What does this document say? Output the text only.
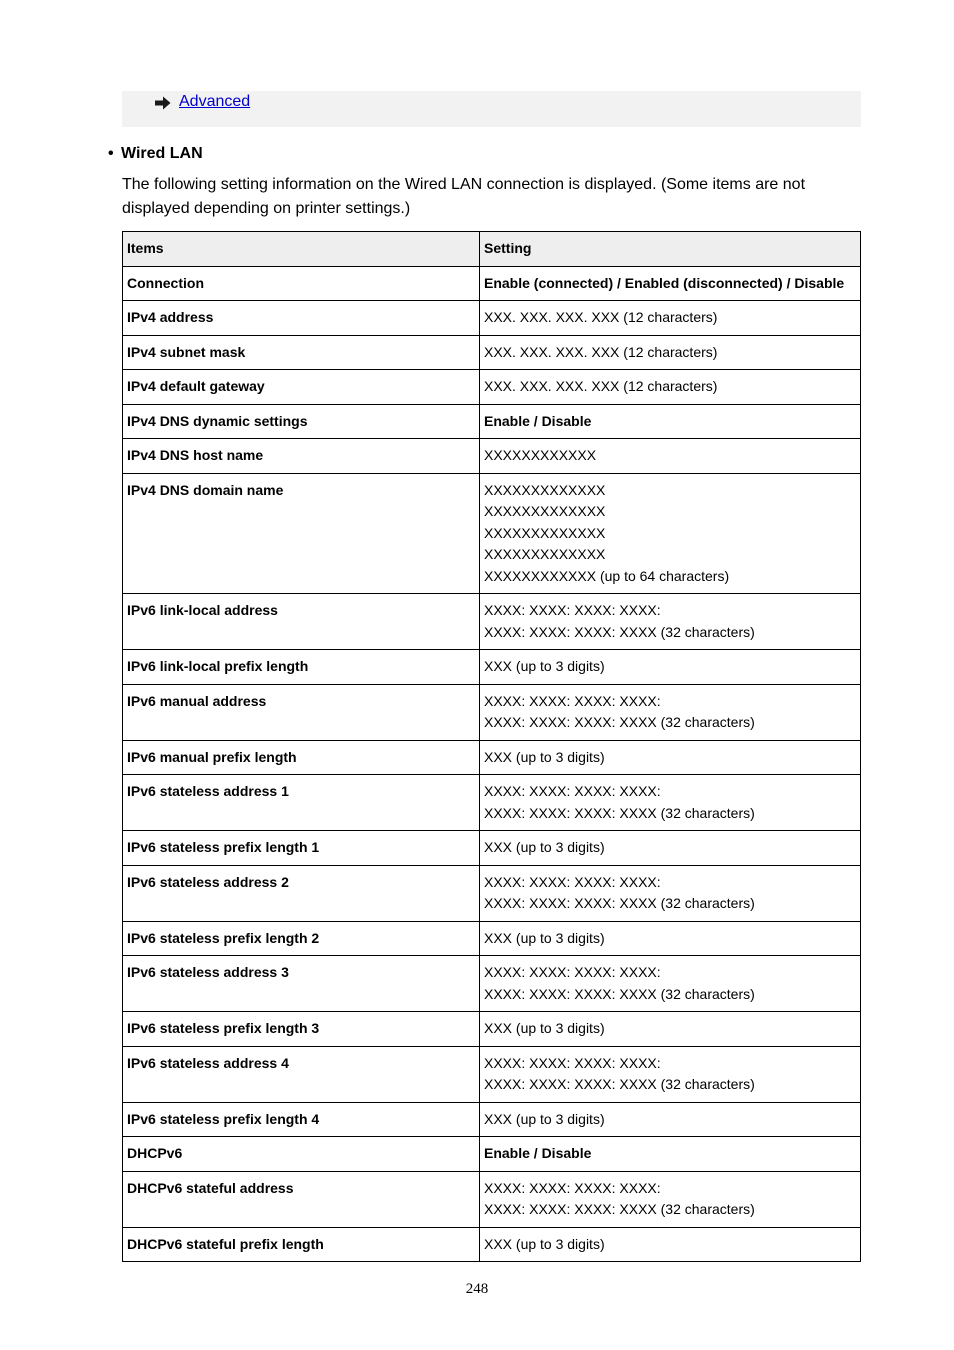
Advanced
• Wired LAN
The following setting information on the Wired LAN connection is displayed. (Some items are not displayed depending on printer settings.)
Items	Setting
Connection	Enable (connected) / Enabled (disconnected) / Disable

IPv4 address	XXX. XXX. XXX. XXX (12 characters)

IPv4 subnet mask	XXX. XXX. XXX. XXX (12 characters)

IPv4 default gateway	XXX. XXX. XXX. XXX (12 characters)

IPv4 DNS dynamic settings	Enable / Disable

IPv4 DNS host name	XXXXXXXXXXXX

IPv4 DNS domain name	XXXXXXXXXXXXX
XXXXXXXXXXXXX
XXXXXXXXXXXXX
XXXXXXXXXXXXX
XXXXXXXXXXXX (up to 64 characters)

IPv6 link-local address	XXXX: XXXX: XXXX: XXXX:
XXXX: XXXX: XXXX: XXXX (32 characters)

IPv6 link-local prefix length	XXX (up to 3 digits)

IPv6 manual address	XXXX: XXXX: XXXX: XXXX:
XXXX: XXXX: XXXX: XXXX (32 characters)

IPv6 manual prefix length	XXX (up to 3 digits)

IPv6 stateless address 1	XXXX: XXXX: XXXX: XXXX:
XXXX: XXXX: XXXX: XXXX (32 characters)

IPv6 stateless prefix length 1	XXX (up to 3 digits)

IPv6 stateless address 2	XXXX: XXXX: XXXX: XXXX:
XXXX: XXXX: XXXX: XXXX (32 characters)

IPv6 stateless prefix length 2	XXX (up to 3 digits)

IPv6 stateless address 3	XXXX: XXXX: XXXX: XXXX:
XXXX: XXXX: XXXX: XXXX (32 characters)

IPv6 stateless prefix length 3	XXX (up to 3 digits)

IPv6 stateless address 4	XXXX: XXXX: XXXX: XXXX:
XXXX: XXXX: XXXX: XXXX (32 characters)

IPv6 stateless prefix length 4	XXX (up to 3 digits)

DHCPv6	Enable / Disable

DHCPv6 stateful address	XXXX: XXXX: XXXX: XXXX:
XXXX: XXXX: XXXX: XXXX (32 characters)

DHCPv6 stateful prefix length	XXX (up to 3 digits)
248
